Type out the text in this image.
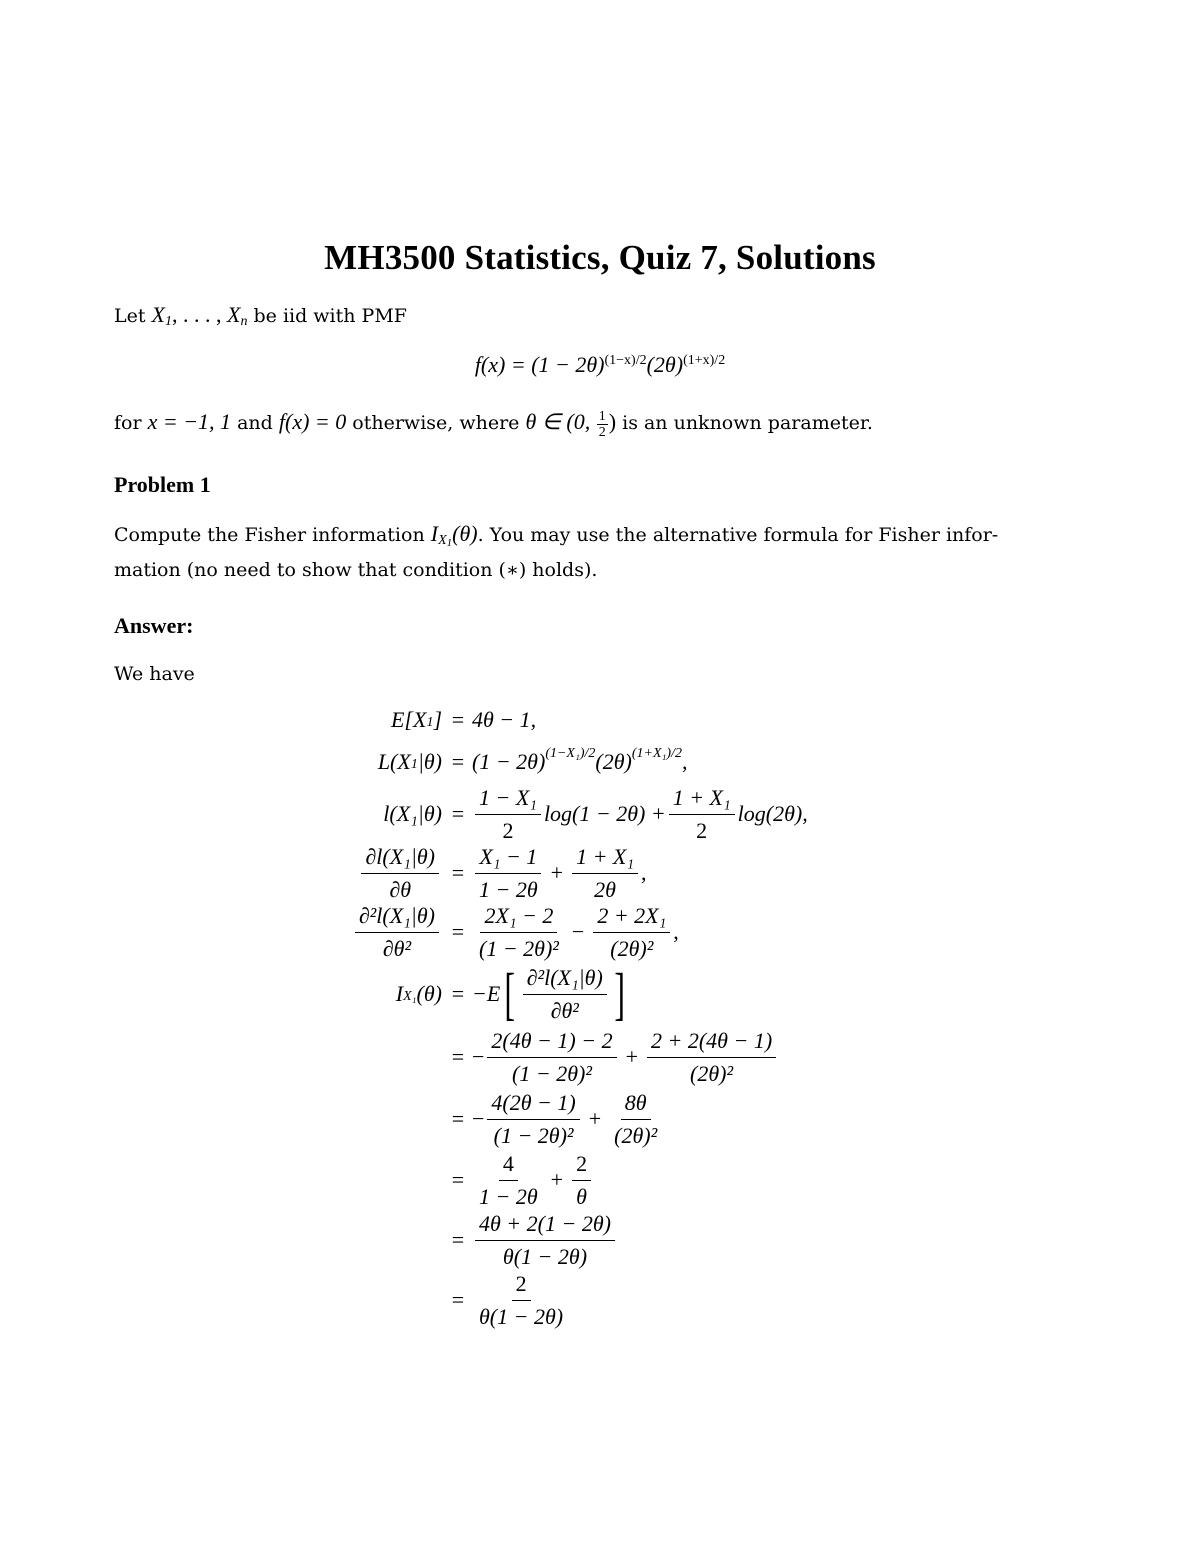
MH3500 Statistics, Quiz 7, Solutions
Let $X_1$, . . . , $X_n$ be iid with PMF
$f(x) = (1 - 2\theta)^{(1-x)/2}(2\theta)^{(1+x)/2}$
for x = −1, 1 and f(x) = 0 otherwise, where θ ∈ (0, $\frac{1}{2}$ ) is an unknown parameter.
Problem 1
Compute the Fisher information $I_{X_1}(\theta)$. You may use the alternative formula for Fisher infor-
mation (no need to show that condition (∗) holds).
Answer:
We have
$E[X_1$ ] = 4θ − 1,
$L(X_1$ $|\theta) = (1 - 2\theta)^{(1-X_1)/2}$ $(2\theta)^{(1+X_1)/2}$ ,
$l(X_1|\theta) = \frac{\text{1 − X₁}}{2} \log(1 - 2\theta) + \frac{\text{1 + X₁}}{2} \log(2\theta)$,
$\frac{\text{∂l(X₁|θ)}}{\partial\theta} = \frac{\text{X₁ − 1}}{1 - 2\theta} + \frac{\text{1 + X₁}}{2\theta}$ ,
$\frac{\text{∂²l(X₁|θ)}}{\text{∂θ²}} = \frac{\text{2X₁ − 2}}{\text{(1 − 2θ)²}} - \frac{\text{2 + 2X₁}}{\text{(2θ)²}}$ ,
$I_{X_1}$ (θ) = −E [ $\frac{\text{∂²l(X₁|θ)}}{\text{∂θ²}}$ ]
= − $\frac{2(4\theta - 1) - 2}{\text{(1 − 2θ)²}} + \frac{2 + 2(4\theta - 1)}{\text{(2θ)²}}$
= − $\frac{4(2\theta - 1)}{\text{(1 − 2θ)²}} + \frac{8\theta}{\text{(2θ)²}}$
= $\frac{4}{1 - 2\theta} + \frac{2}{\theta}$
= $\frac{4\theta + 2(1 - 2\theta)}{\theta(1 - 2\theta)}$
= $\frac{2}{\theta(1 - 2\theta)}$
